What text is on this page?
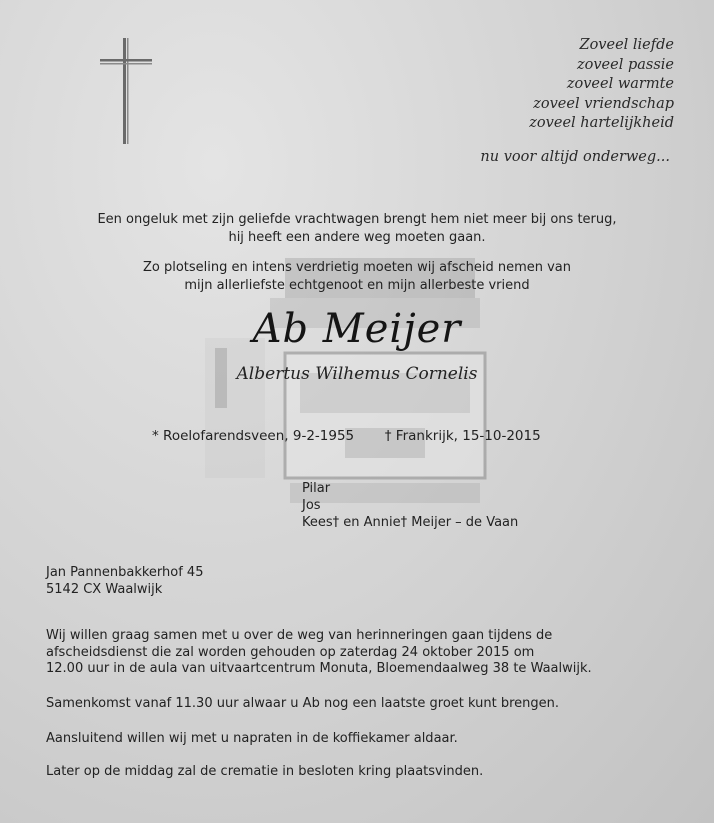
Zoveel liefde
zoveel passie
zoveel warmte
zoveel vriendschap
zoveel hartelijkheid
nu voor altijd onderweg...
Een ongeluk met zijn geliefde vrachtwagen brengt hem niet meer bij ons terug,
hij heeft een andere weg moeten gaan.
Zo plotseling en intens verdrietig moeten wij afscheid nemen van
mijn allerliefste echtgenoot en mijn allerbeste vriend
Ab Meijer
Albertus Wilhemus Cornelis
* Roelofarendsveen, 9-2-1955 † Frankrijk, 15-10-2015
Pilar
Jos
Kees† en Annie† Meijer – de Vaan
Jan Pannenbakkerhof 45
5142 CX Waalwijk
Wij willen graag samen met u over de weg van herinneringen gaan tijdens de
afscheidsdienst die zal worden gehouden op zaterdag 24 oktober 2015 om
12.00 uur in de aula van uitvaartcentrum Monuta, Bloemendaalweg 38 te Waalwijk.
Samenkomst vanaf 11.30 uur alwaar u Ab nog een laatste groet kunt brengen.
Aansluitend willen wij met u napraten in de koffiekamer aldaar.
Later op de middag zal de crematie in besloten kring plaatsvinden.
